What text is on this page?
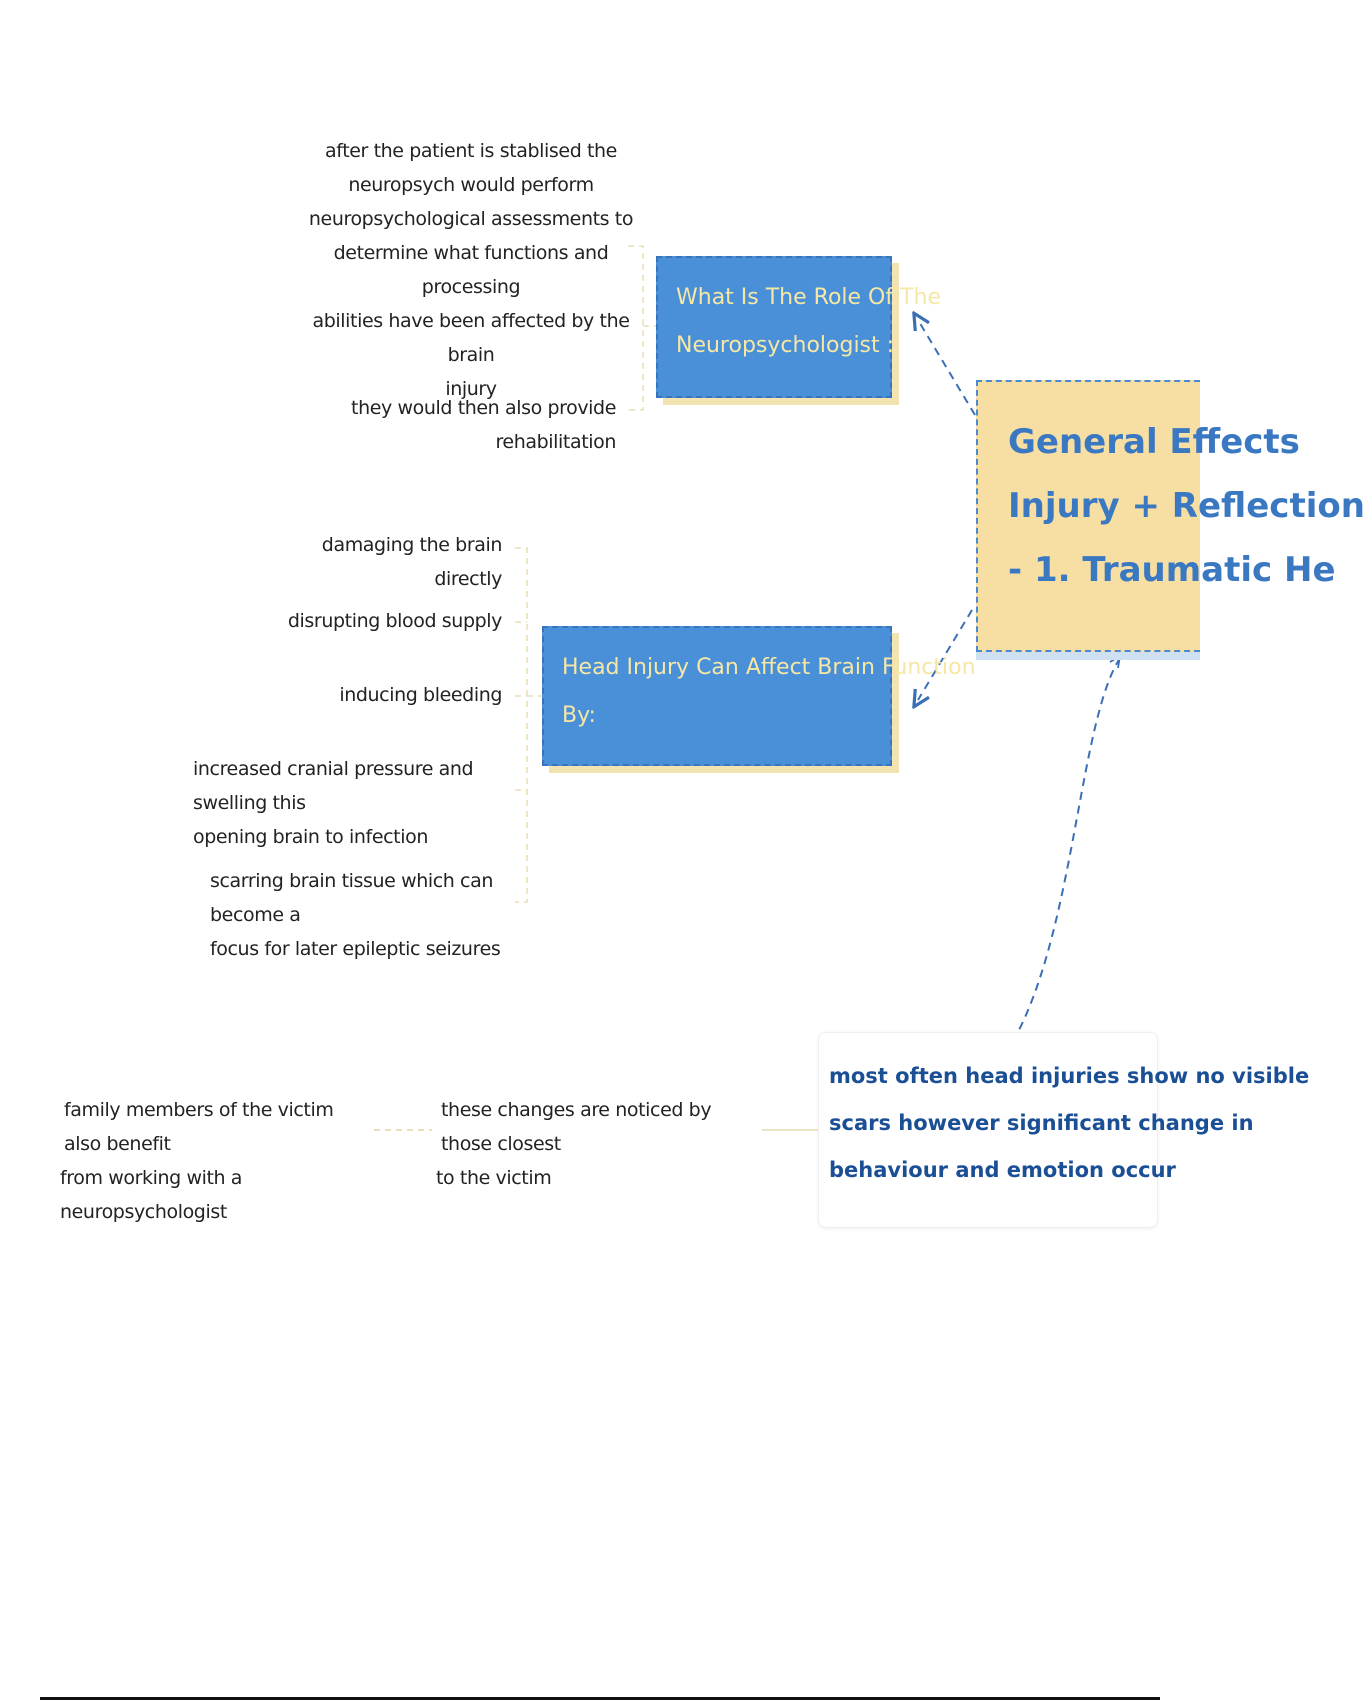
General Effects
Injury + Reflection
- 1. Traumatic He
What Is The Role Of The
Neuropsychologist :
after the patient is stablised the
neuropsych would perform
neuropsychological assessments to
determine what functions and processing
abilities have been affected by the brain
injury
they would then also provide rehabilitation
Head Injury Can Affect Brain Function
By:
damaging the brain directly
disrupting blood supply
inducing bleeding
increased cranial pressure and swelling this
opening brain to infection
scarring brain tissue which can become a
focus for later epileptic seizures
most often head injuries show no visible
scars however significant change in
behaviour and emotion occur
these changes are noticed by those closest
to the victim
family members of the victim also benefit
from working with a neuropsychologist
